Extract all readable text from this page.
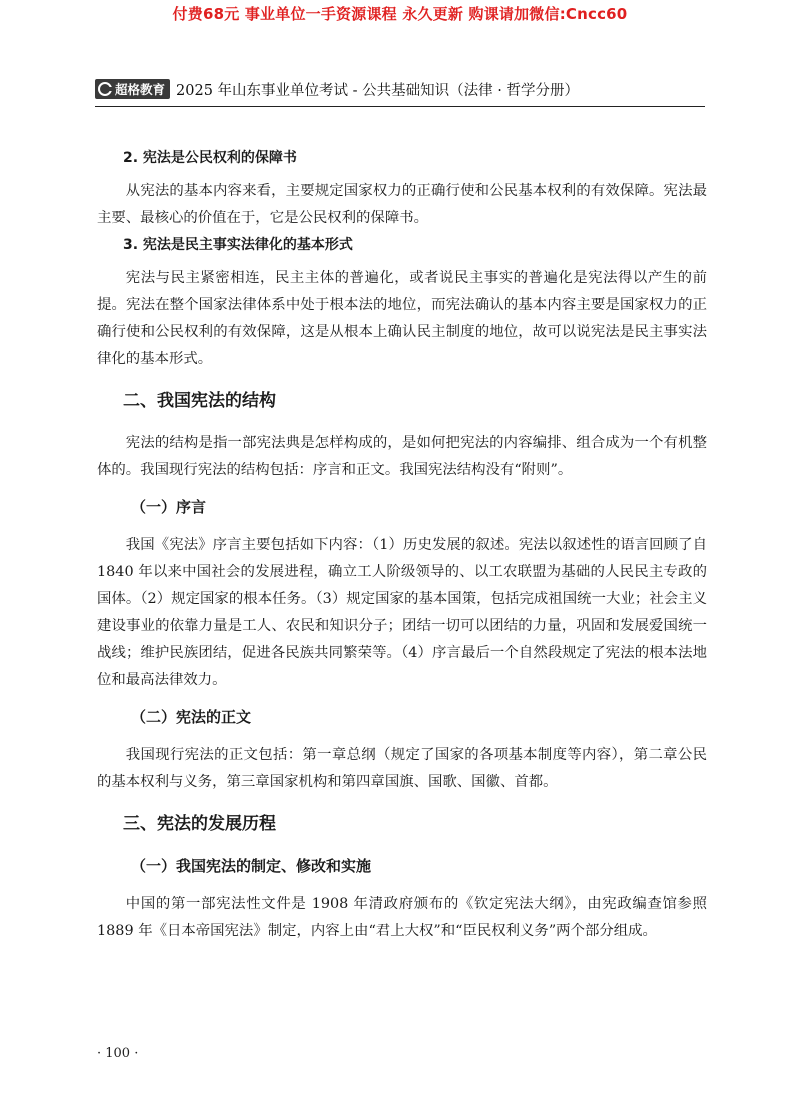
付费68元 事业单位一手资源课程 永久更新 购课请加微信:Cncc60
超格教育 2025 年山东事业单位考试 - 公共基础知识（法律 · 哲学分册）
2. 宪法是公民权利的保障书

从宪法的基本内容来看，主要规定国家权力的正确行使和公民基本权利的有效保障。宪法最主要、最核心的价值在于，它是公民权利的保障书。

3. 宪法是民主事实法律化的基本形式

宪法与民主紧密相连，民主主体的普遍化，或者说民主事实的普遍化是宪法得以产生的前提。宪法在整个国家法律体系中处于根本法的地位，而宪法确认的基本内容主要是国家权力的正确行使和公民权利的有效保障，这是从根本上确认民主制度的地位，故可以说宪法是民主事实法律化的基本形式。

二、我国宪法的结构

宪法的结构是指一部宪法典是怎样构成的，是如何把宪法的内容编排、组合成为一个有机整体的。我国现行宪法的结构包括：序言和正文。我国宪法结构没有“附则”。

（一）序言

我国《宪法》序言主要包括如下内容：（1）历史发展的叙述。宪法以叙述性的语言回顾了自 1840 年以来中国社会的发展进程，确立工人阶级领导的、以工农联盟为基础的人民民主专政的国体。（2）规定国家的根本任务。（3）规定国家的基本国策，包括完成祖国统一大业；社会主义建设事业的依靠力量是工人、农民和知识分子；团结一切可以团结的力量，巩固和发展爱国统一战线；维护民族团结，促进各民族共同繁荣等。（4）序言最后一个自然段规定了宪法的根本法地位和最高法律效力。

（二）宪法的正文

我国现行宪法的正文包括：第一章总纲（规定了国家的各项基本制度等内容），第二章公民的基本权利与义务，第三章国家机构和第四章国旗、国歌、国徽、首都。

三、宪法的发展历程
（一）我国宪法的制定、修改和实施

中国的第一部宪法性文件是 1908 年清政府颁布的《钦定宪法大纲》，由宪政编查馆参照 1889 年《日本帝国宪法》制定，内容上由“君上大权”和“臣民权利义务”两个部分组成。

· 100 ·
